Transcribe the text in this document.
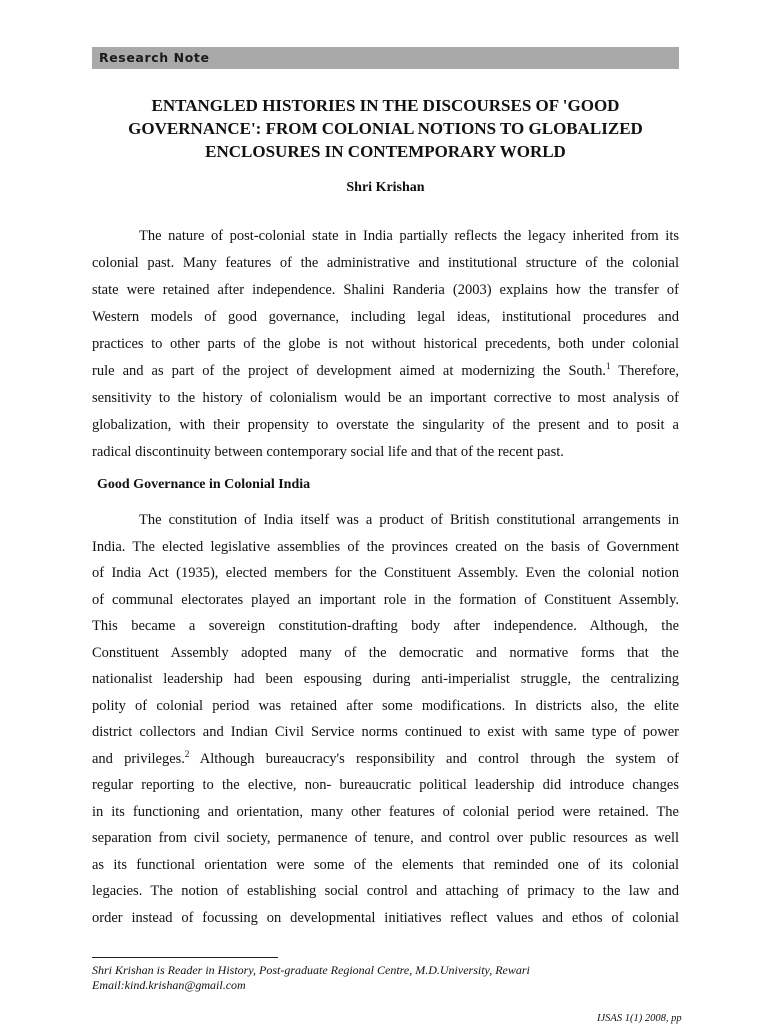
Research Note
ENTANGLED HISTORIES IN THE DISCOURSES OF 'GOOD
GOVERNANCE': FROM COLONIAL NOTIONS TO GLOBALIZED
ENCLOSURES IN CONTEMPORARY WORLD
Shri Krishan
The nature of post-colonial state in India partially reflects the legacy inherited from its
colonial past. Many features of the administrative and institutional structure of the colonial
state were retained after independence. Shalini Randeria (2003) explains how the transfer of
Western models of good governance, including legal ideas, institutional procedures and
practices to other parts of the globe is not without historical precedents, both under colonial
rule and as part of the project of development aimed at modernizing the South.$^1$ Therefore,
sensitivity to the history of colonialism would be an important corrective to most analysis of
globalization, with their propensity to overstate the singularity of the present and to posit a
radical discontinuity between contemporary social life and that of the recent past.
Good Governance in Colonial India
The constitution of India itself was a product of British constitutional arrangements in
India. The elected legislative assemblies of the provinces created on the basis of Government
of India Act (1935), elected members for the Constituent Assembly. Even the colonial notion
of communal electorates played an important role in the formation of Constituent Assembly.
This became a sovereign constitution-drafting body after independence. Although, the
Constituent Assembly adopted many of the democratic and normative forms that the
nationalist leadership had been espousing during anti-imperialist struggle, the centralizing
polity of colonial period was retained after some modifications. In districts also, the elite
district collectors and Indian Civil Service norms continued to exist with same type of power
and privileges.$^2$ Although bureaucracy's responsibility and control through the system of
regular reporting to the elective, non- bureaucratic political leadership did introduce changes
in its functioning and orientation, many other features of colonial period were retained. The
separation from civil society, permanence of tenure, and control over public resources as well
as its functional orientation were some of the elements that reminded one of its colonial
legacies. The notion of establishing social control and attaching of primacy to the law and
order instead of focussing on developmental initiatives reflect values and ethos of colonial
Shri Krishan is Reader in History, Post-graduate Regional Centre, M.D.University, Rewari
Email:kind.krishan@gmail.com
IJSAS 1(1) 2008, pp
